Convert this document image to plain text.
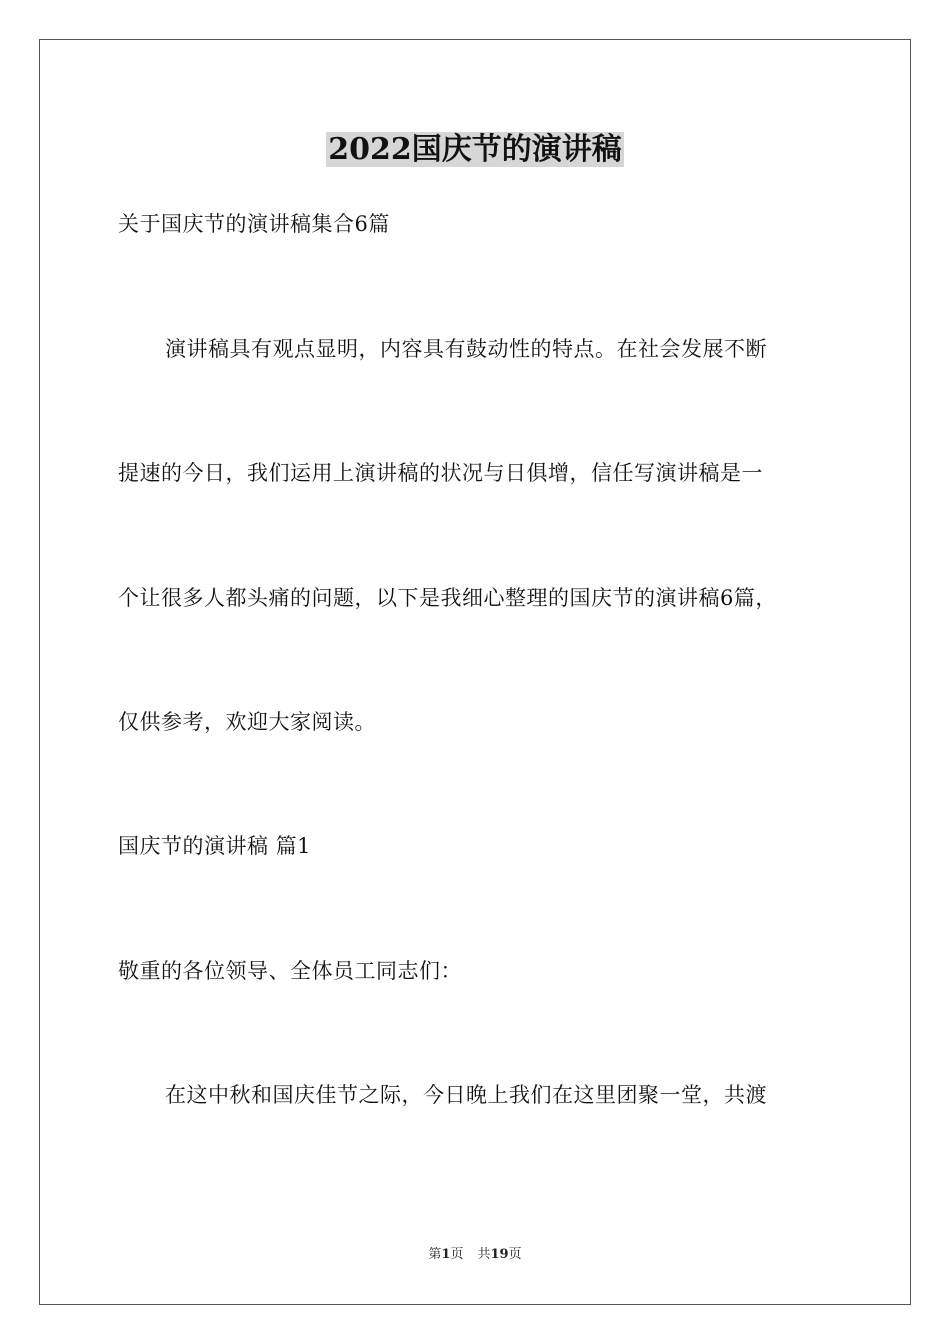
2022国庆节的演讲稿
关于国庆节的演讲稿集合6篇
演讲稿具有观点显明，内容具有鼓动性的特点。在社会发展不断
提速的今日，我们运用上演讲稿的状况与日俱增，信任写演讲稿是一
个让很多人都头痛的问题，以下是我细心整理的国庆节的演讲稿6篇，
仅供参考，欢迎大家阅读。
国庆节的演讲稿 篇1
敬重的各位领导、全体员工同志们：
在这中秋和国庆佳节之际，今日晚上我们在这里团聚一堂，共渡
第1页 共19页
